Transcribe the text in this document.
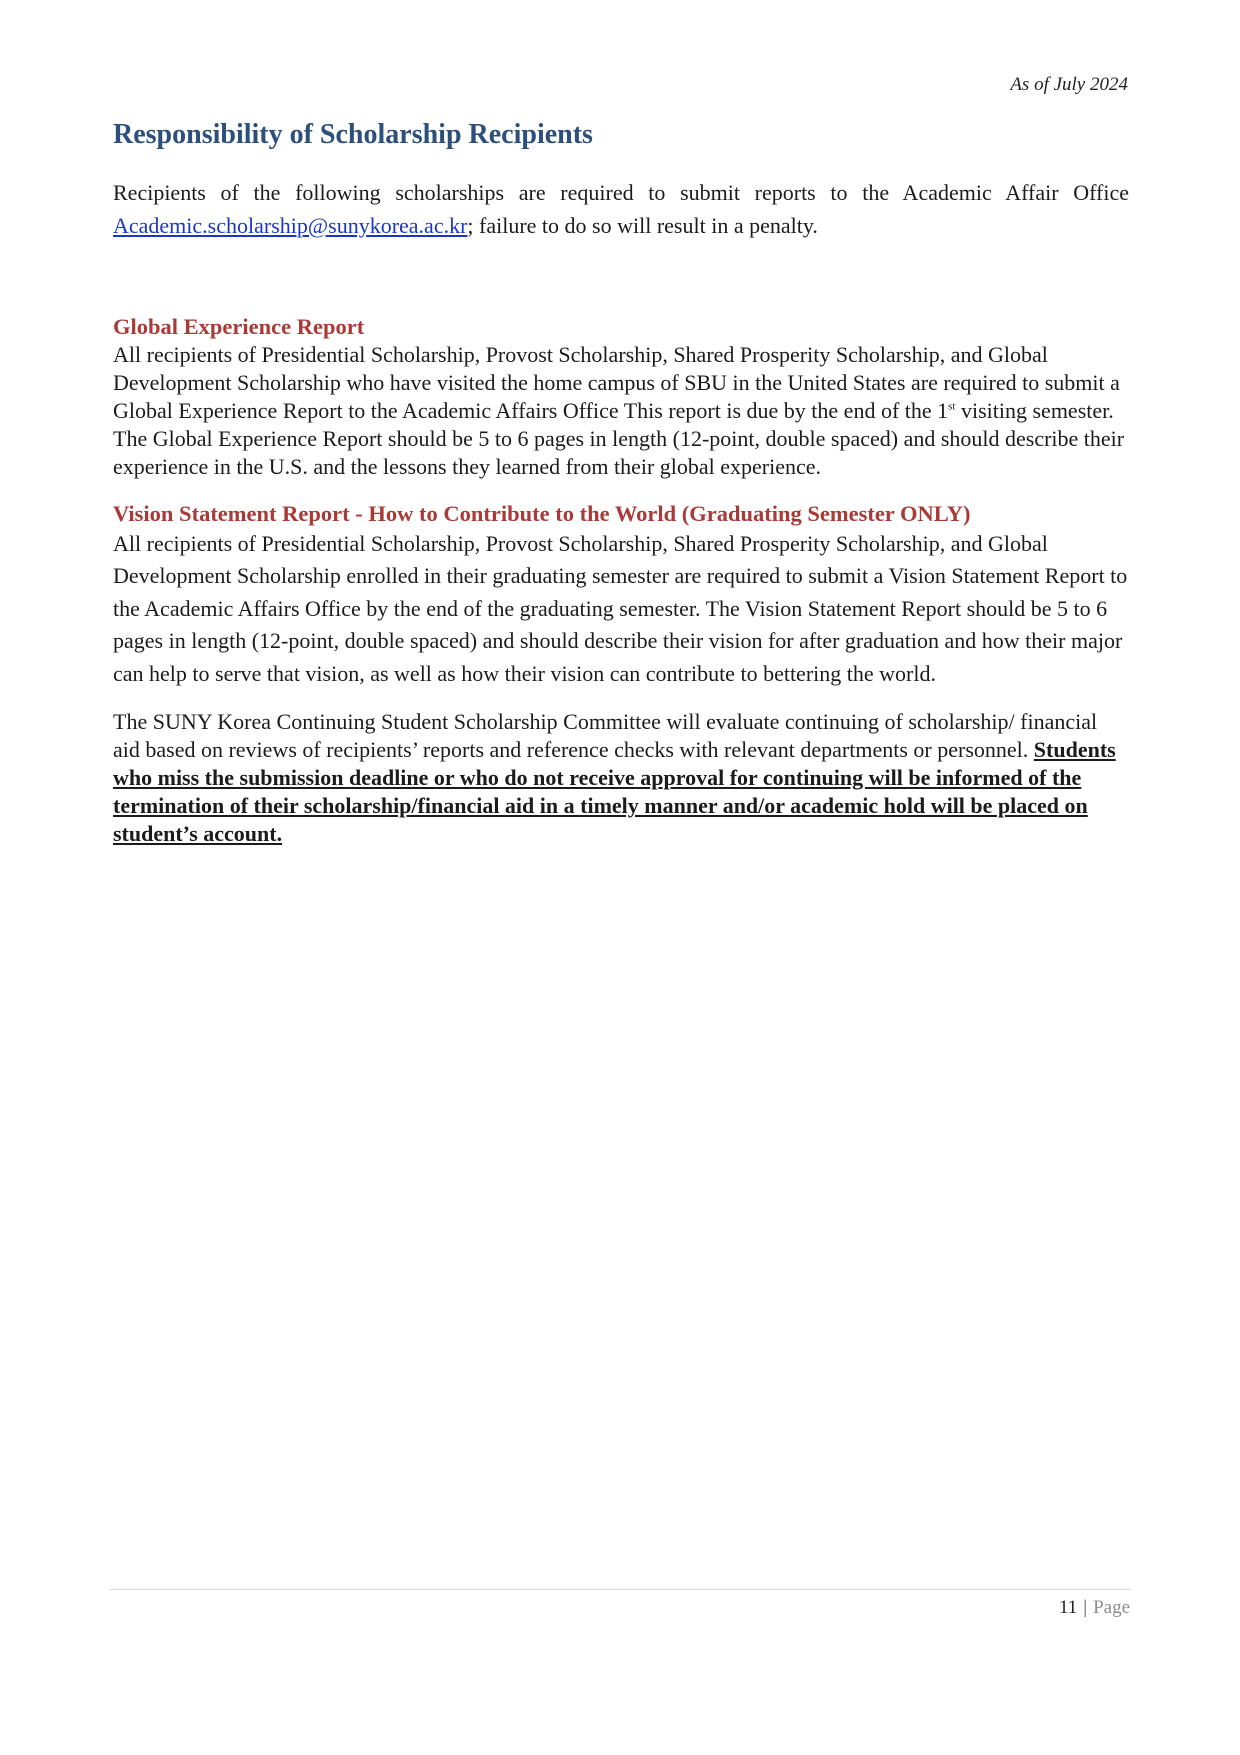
As of July 2024
Responsibility of Scholarship Recipients

Recipients of the following scholarships are required to submit reports to the Academic Affair Office Academic.scholarship@sunykorea.ac.kr; failure to do so will result in a penalty.

Global Experience Report

All recipients of Presidential Scholarship, Provost Scholarship, Shared Prosperity Scholarship, and Global Development Scholarship who have visited the home campus of SBU in the United States are required to submit a Global Experience Report to the Academic Affairs Office This report is due by the end of the 1st visiting semester. The Global Experience Report should be 5 to 6 pages in length (12-point, double spaced) and should describe their experience in the U.S. and the lessons they learned from their global experience.

Vision Statement Report - How to Contribute to the World (Graduating Semester ONLY)

All recipients of Presidential Scholarship, Provost Scholarship, Shared Prosperity Scholarship, and Global Development Scholarship enrolled in their graduating semester are required to submit a Vision Statement Report to the Academic Affairs Office by the end of the graduating semester. The Vision Statement Report should be 5 to 6 pages in length (12-point, double spaced) and should describe their vision for after graduation and how their major can help to serve that vision, as well as how their vision can contribute to bettering the world.

The SUNY Korea Continuing Student Scholarship Committee will evaluate continuing of scholarship/ financial aid based on reviews of recipients’ reports and reference checks with relevant departments or personnel. Students who miss the submission deadline or who do not receive approval for continuing will be informed of the termination of their scholarship/financial aid in a timely manner and/or academic hold will be placed on student’s account.

11 | Page
